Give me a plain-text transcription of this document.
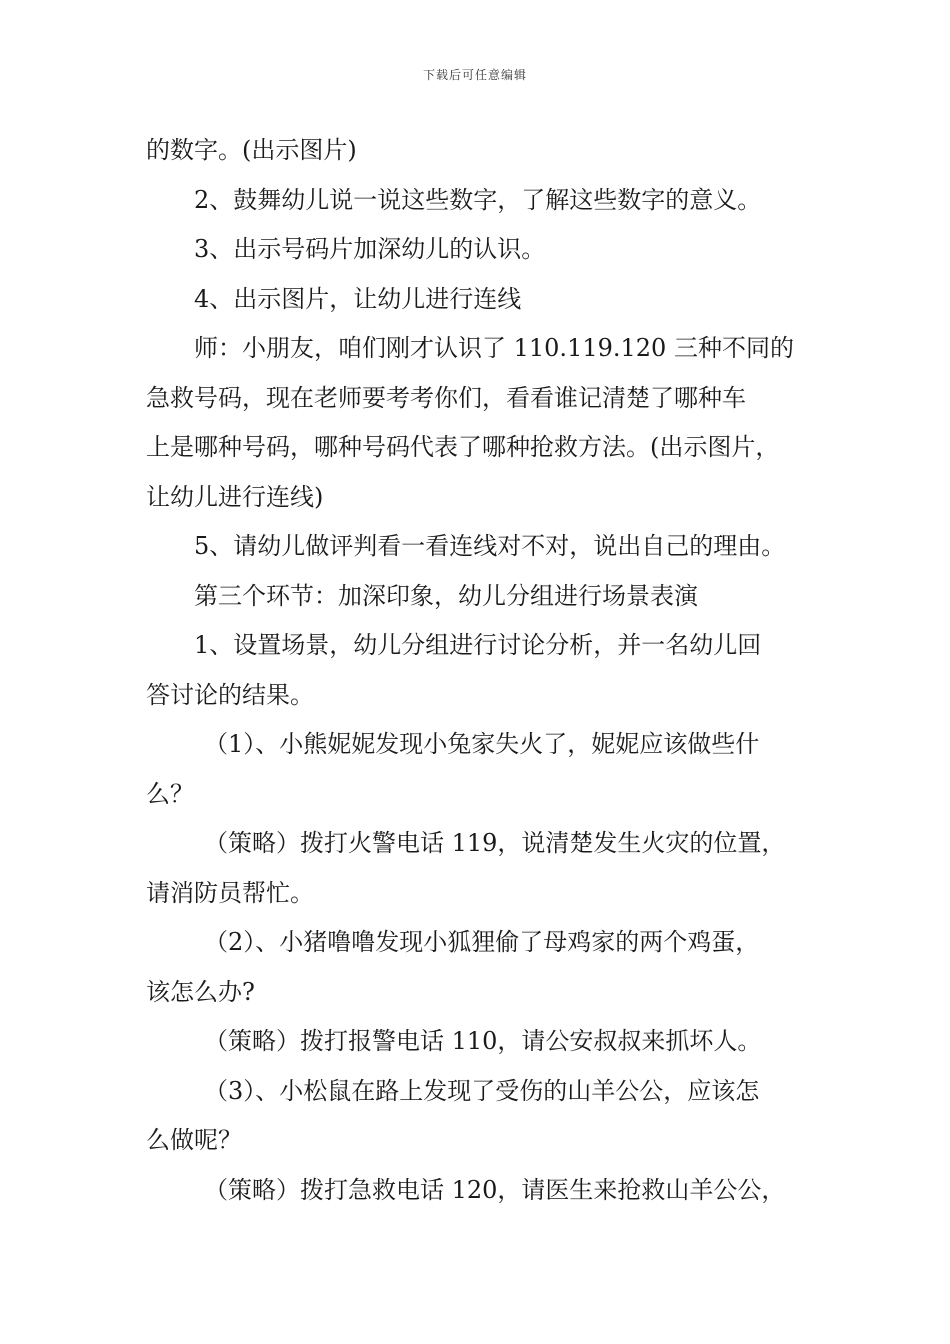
下载后可任意编辑

的数字。(出示图片)

2、鼓舞幼儿说一说这些数字，了解这些数字的意义。

3、出示号码片加深幼儿的认识。

4、出示图片，让幼儿进行连线

师：小朋友，咱们刚才认识了 110.119.120 三种不同的

急救号码，现在老师要考考你们，看看谁记清楚了哪种车

上是哪种号码，哪种号码代表了哪种抢救方法。(出示图片，

让幼儿进行连线)

5、请幼儿做评判看一看连线对不对，说出自己的理由。

第三个环节：加深印象，幼儿分组进行场景表演

1、设置场景，幼儿分组进行讨论分析，并一名幼儿回

答讨论的结果。

（1）、小熊妮妮发现小兔家失火了，妮妮应该做些什

么？

（策略）拨打火警电话 119，说清楚发生火灾的位置，

请消防员帮忙。

（2）、小猪噜噜发现小狐狸偷了母鸡家的两个鸡蛋，

该怎么办?

（策略）拨打报警电话 110，请公安叔叔来抓坏人。

（3）、小松鼠在路上发现了受伤的山羊公公，应该怎

么做呢？

（策略）拨打急救电话 120，请医生来抢救山羊公公，
